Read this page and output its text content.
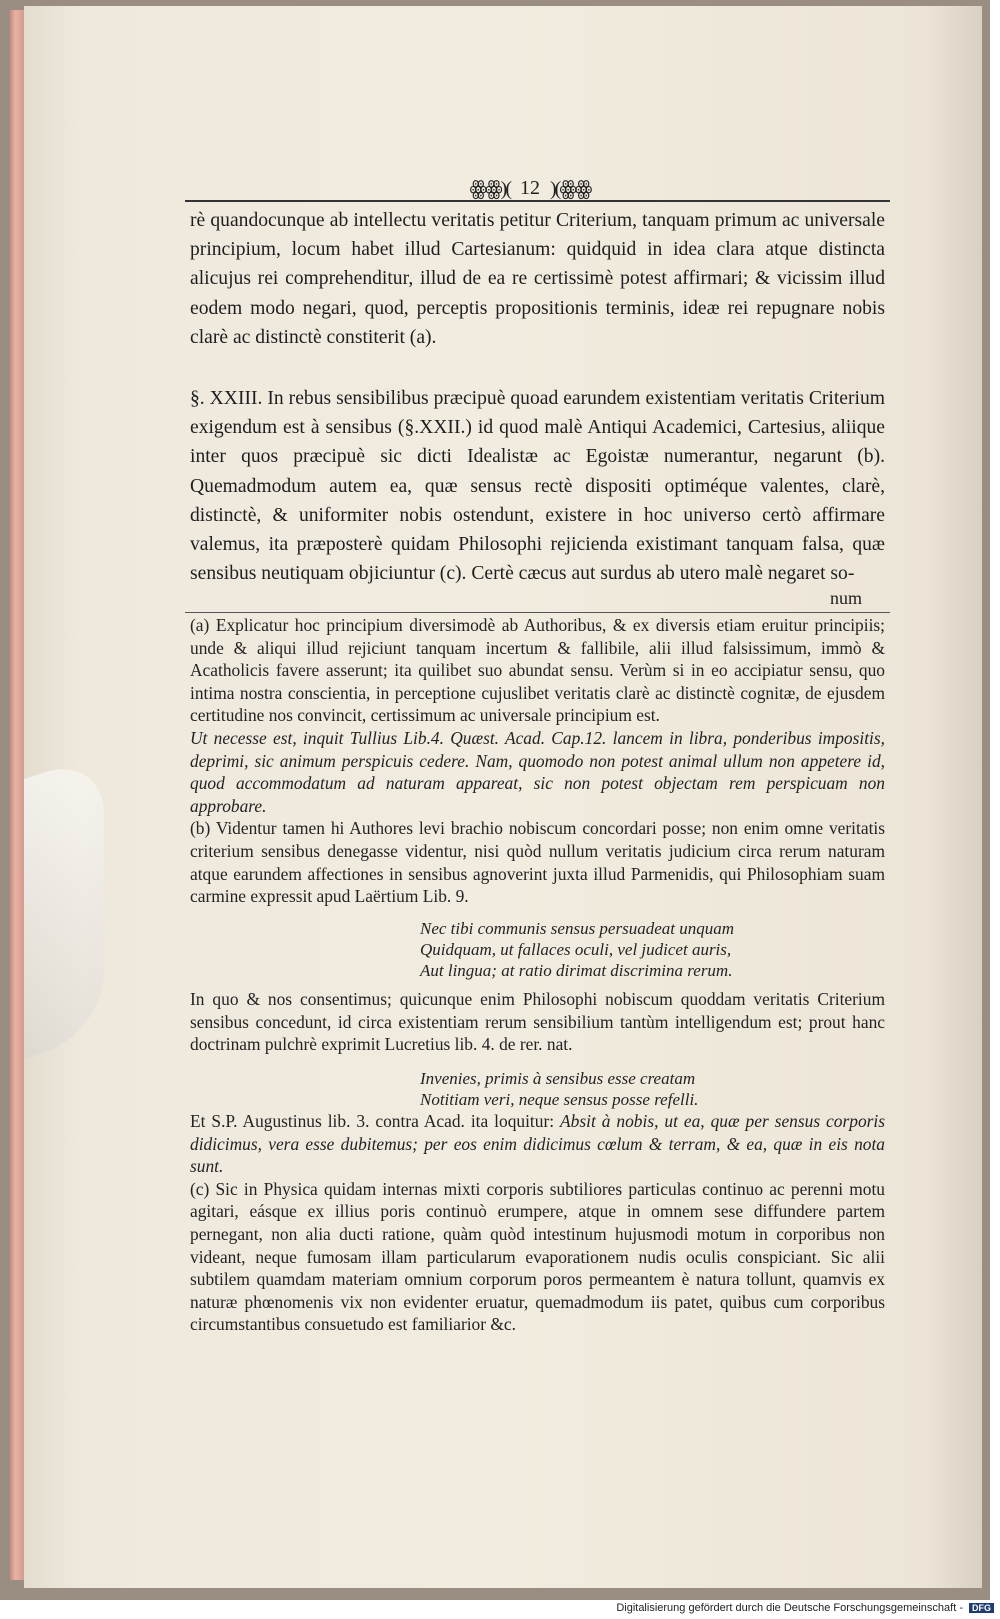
ꙮꙮ)( 12 )(ꙮꙮ

rè quandocunque ab intellectu veritatis petitur Criterium, tanquam primum ac universale principium, locum habet illud Cartesianum: quidquid in idea clara atque distincta alicujus rei comprehenditur, illud de ea re certissimè potest affirmari; & vicissim illud eodem modo negari, quod, perceptis propositionis terminis, ideæ rei repugnare nobis clarè ac distinctè constiterit (a).

§. XXIII. In rebus sensibilibus præcipuè quoad earundem existentiam veritatis Criterium exigendum est à sensibus (§.XXII.) id quod malè Antiqui Academici, Cartesius, aliique inter quos præcipuè sic dicti Idealistæ ac Egoistæ numerantur, negarunt (b). Quemadmodum autem ea, quæ sensus rectè dispositi optiméque valentes, clarè, distinctè, & uniformiter nobis ostendunt, existere in hoc universo certò affirmare valemus, ita præposterè quidam Philosophi rejicienda existimant tanquam falsa, quæ sensibus neutiquam objiciuntur (c). Certè cæcus aut surdus ab utero malè negaret so-

num

(a) Explicatur hoc principium diversimodè ab Authoribus, & ex diversis etiam eruitur principiis; unde & aliqui illud rejiciunt tanquam incertum & fallibile, alii illud falsissimum, immò & Acatholicis favere asserunt; ita quilibet suo abundat sensu. Verùm si in eo accipiatur sensu, quo intima nostra conscientia, in perceptione cujuslibet veritatis clarè ac distinctè cognitæ, de ejusdem certitudine nos convincit, certissimum ac universale principium est.

Ut necesse est, inquit Tullius Lib.4. Quæst. Acad. Cap.12. lancem in libra, ponderibus impositis, deprimi, sic animum perspicuis cedere. Nam, quomodo non potest animal ullum non appetere id, quod accommodatum ad naturam appareat, sic non potest objectam rem perspicuam non approbare.

(b) Videntur tamen hi Authores levi brachio nobiscum concordari posse; non enim omne veritatis criterium sensibus denegasse videntur, nisi quòd nullum veritatis judicium circa rerum naturam atque earundem affectiones in sensibus agnoverint juxta illud Parmenidis, qui Philosophiam suam carmine expressit apud Laërtium Lib. 9.

Nec tibi communis sensus persuadeat unquam
Quidquam, ut fallaces oculi, vel judicet auris,
Aut lingua; at ratio dirimat discrimina rerum.

In quo & nos consentimus; quicunque enim Philosophi nobiscum quoddam veritatis Criterium sensibus concedunt, id circa existentiam rerum sensibilium tantùm intelligendum est; prout hanc doctrinam pulchrè exprimit Lucretius lib. 4. de rer. nat.

Invenies, primis à sensibus esse creatam
Notitiam veri, neque sensus posse refelli.

Et S.P. Augustinus lib. 3. contra Acad. ita loquitur: Absit à nobis, ut ea, quæ per sensus corporis didicimus, vera esse dubitemus; per eos enim didicimus cœlum & terram, & ea, quæ in eis nota sunt.

(c) Sic in Physica quidam internas mixti corporis subtiliores particulas continuo ac perenni motu agitari, eásque ex illius poris continuò erumpere, atque in omnem sese diffundere partem pernegant, non alia ducti ratione, quàm quòd intestinum hujusmodi motum in corporibus non videant, neque fumosam illam particularum evaporationem nudis oculis conspiciant. Sic alii subtilem quamdam materiam omnium corporum poros permeantem è natura tollunt, quamvis ex naturæ phœnomenis vix non evidenter eruatur, quemadmodum iis patet, quibus cum corporibus circumstantibus consuetudo est familiarior &c.

Digitalisierung gefördert durch die Deutsche Forschungsgemeinschaft - DFG
